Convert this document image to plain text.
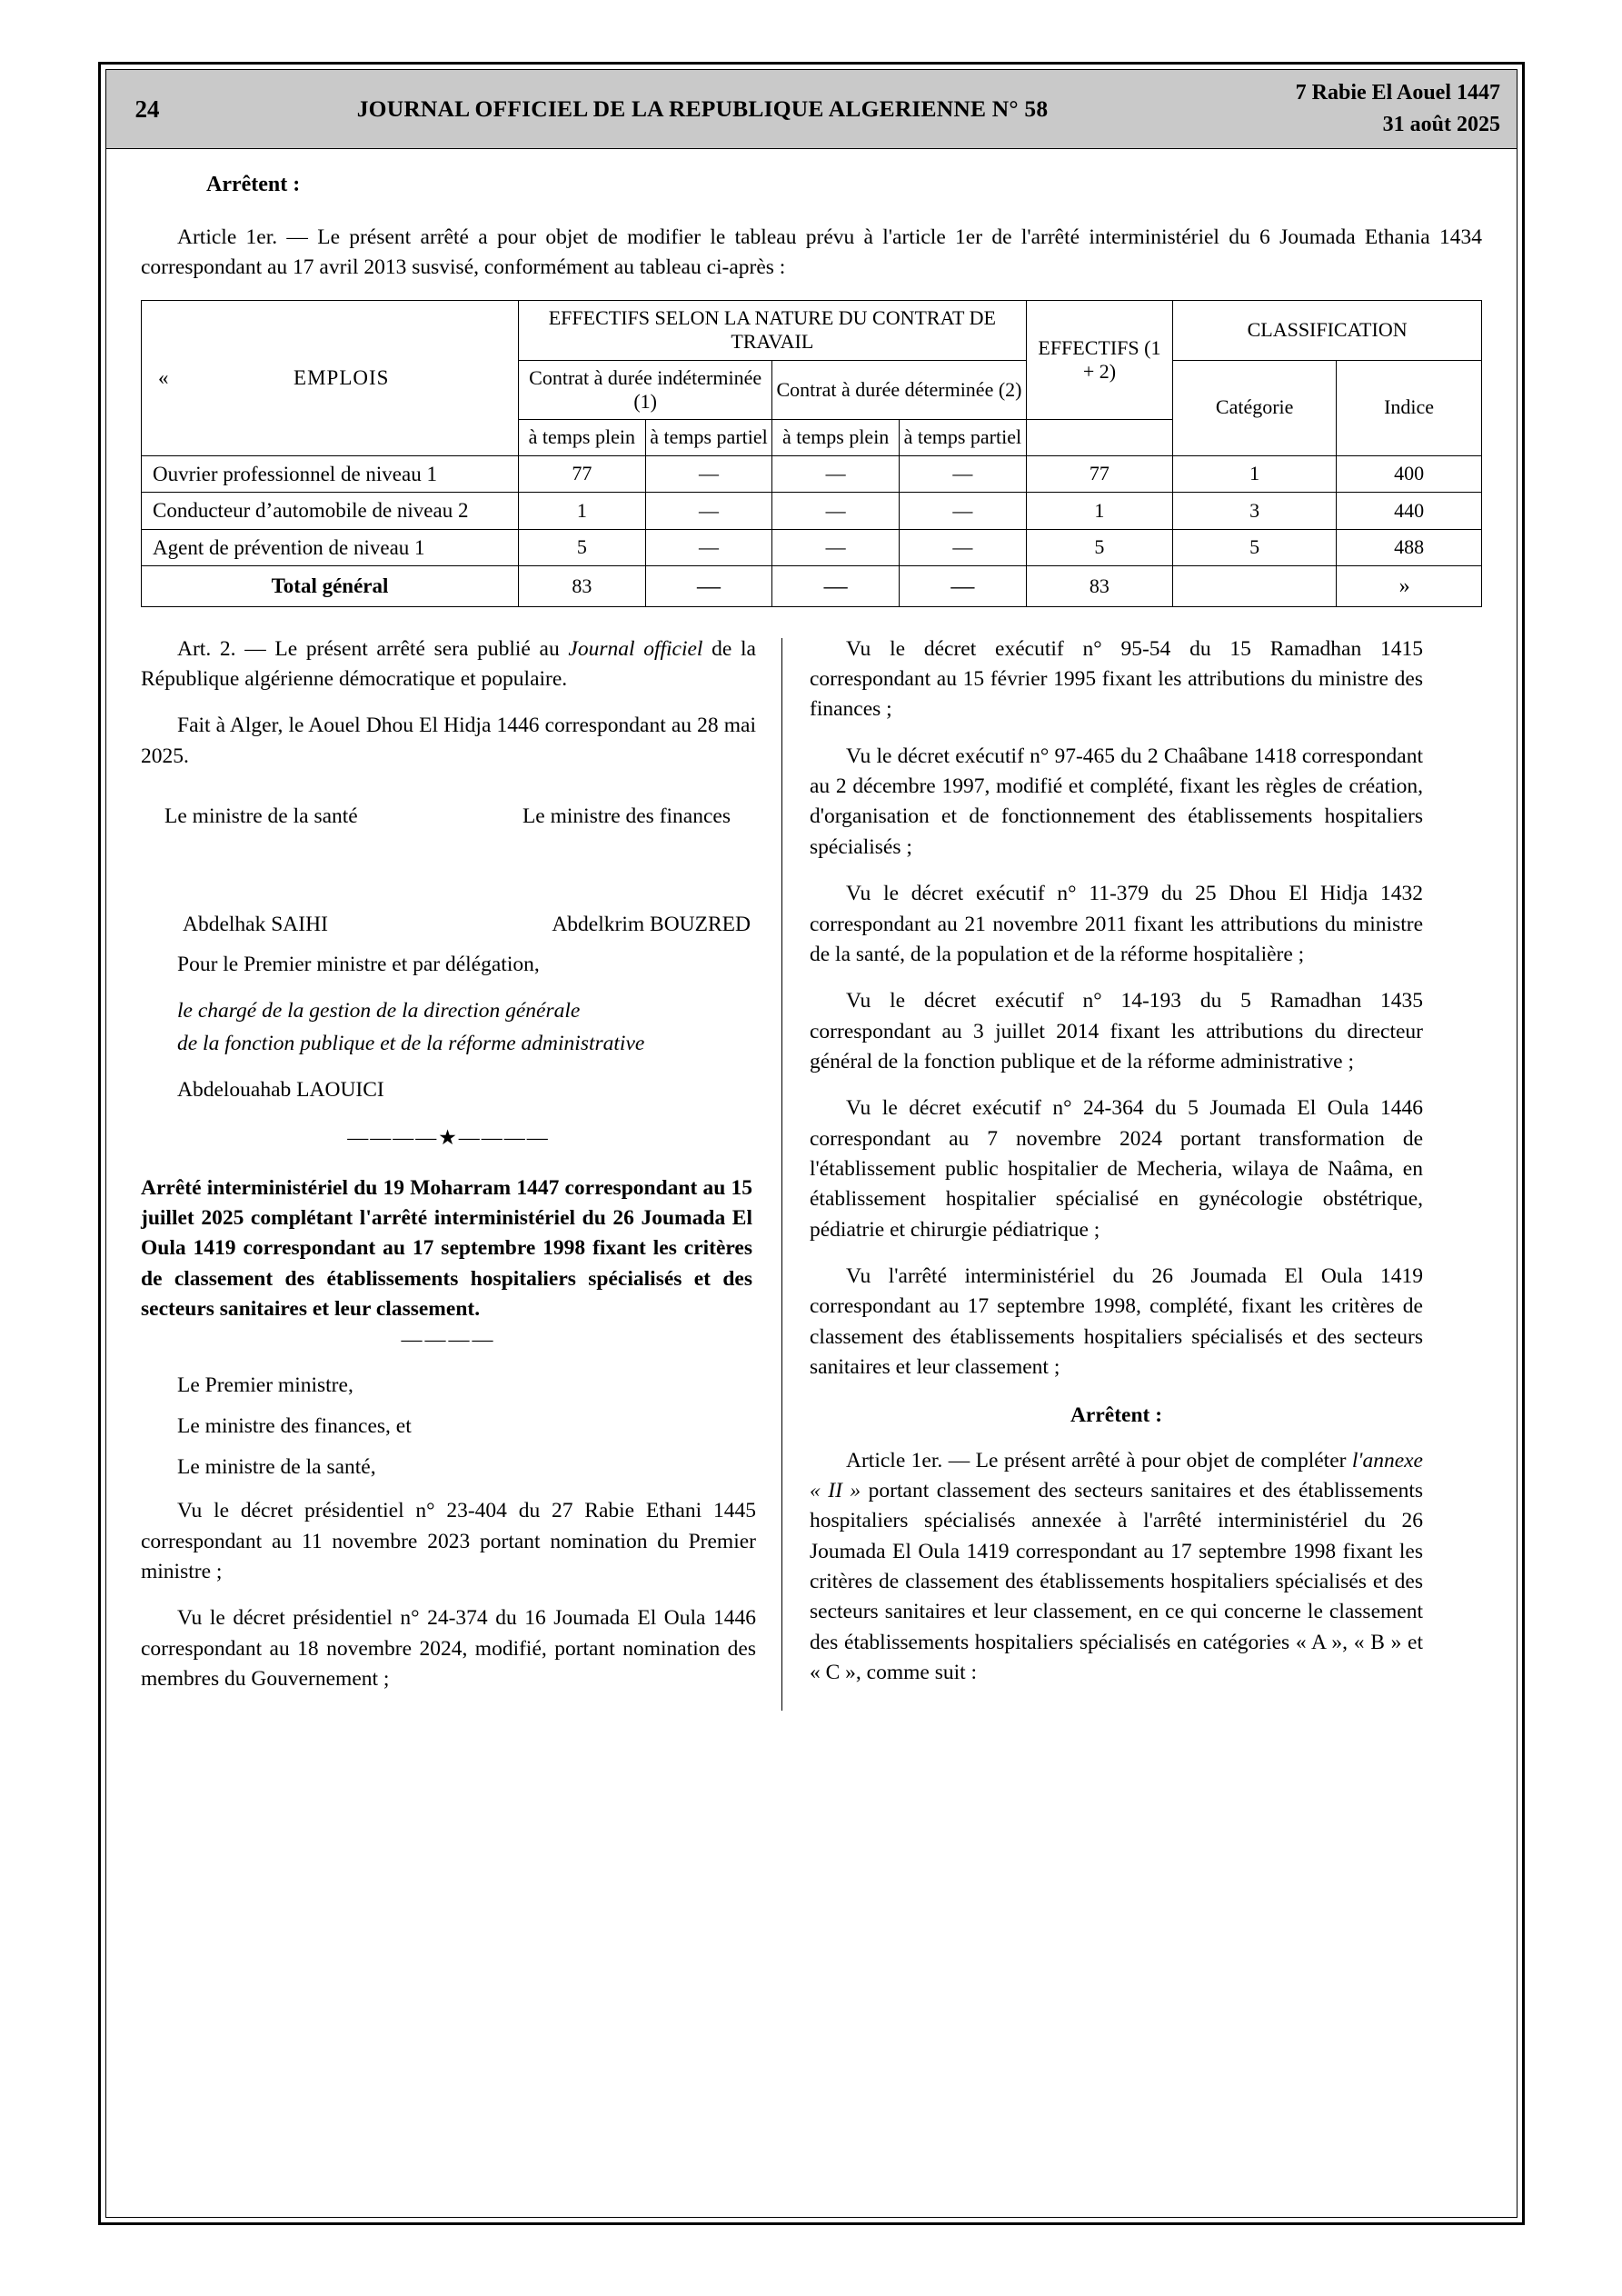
24	JOURNAL OFFICIEL DE LA REPUBLIQUE ALGERIENNE N° 58
7 Rabie El Aouel 1447
31 août 2025
Arrêtent :

Article 1er. — Le présent arrêté a pour objet de modifier le tableau prévu à l'article 1er de l'arrêté interministériel du 6 Joumada Ethania 1434 correspondant au 17 avril 2013 susvisé, conformément au tableau ci-après :

« EMPLOIS	EFFECTIFS SELON LA NATURE DU CONTRAT DE TRAVAIL				EFFECTIFS (1 + 2)	CLASSIFICATION	
	Contrat à durée indéterminée (1)		Contrat à durée déterminée (2)			Catégorie	Indice
	à temps plein	à temps partiel	à temps plein	à temps partiel		
Ouvrier professionnel de niveau 1	77	—	—	—	77	1	400
Conducteur d’automobile de niveau 2	1	—	—	—	1	3	440
Agent de prévention de niveau 1	5	—	—	—	5	5	488
Total général	83	—	—	—	83		»

Art. 2. — Le présent arrêté sera publié au Journal officiel de la République algérienne démocratique et populaire.

Fait à Alger, le Aouel Dhou El Hidja 1446 correspondant au 28 mai 2025.

Le ministre de la santé	Le ministre des finances
Abdelhak SAIHI	Abdelkrim BOUZRED

Pour le Premier ministre et par délégation,

le chargé de la gestion de la direction générale

de la fonction publique et de la réforme administrative

Abdelouahab LAOUICI

————★————
Arrêté interministériel du 19 Moharram 1447 correspondant au 15 juillet 2025 complétant l'arrêté interministériel du 26 Joumada El Oula 1419 correspondant au 17 septembre 1998 fixant les critères de classement des établissements hospitaliers spécialisés et des secteurs sanitaires et leur classement.
————

Le Premier ministre,

Le ministre des finances, et

Le ministre de la santé,

Vu le décret présidentiel n° 23-404 du 27 Rabie Ethani 1445 correspondant au 11 novembre 2023 portant nomination du Premier ministre ;

Vu le décret présidentiel n° 24-374 du 16 Joumada El Oula 1446 correspondant au 18 novembre 2024, modifié, portant nomination des membres du Gouvernement ;

Vu le décret exécutif n° 95-54 du 15 Ramadhan 1415 correspondant au 15 février 1995 fixant les attributions du ministre des finances ;

Vu le décret exécutif n° 97-465 du 2 Chaâbane 1418 correspondant au 2 décembre 1997, modifié et complété, fixant les règles de création, d'organisation et de fonctionnement des établissements hospitaliers spécialisés ;

Vu le décret exécutif n° 11-379 du 25 Dhou El Hidja 1432 correspondant au 21 novembre 2011 fixant les attributions du ministre de la santé, de la population et de la réforme hospitalière ;

Vu le décret exécutif n° 14-193 du 5 Ramadhan 1435 correspondant au 3 juillet 2014 fixant les attributions du directeur général de la fonction publique et de la réforme administrative ;

Vu le décret exécutif n° 24-364 du 5 Joumada El Oula 1446 correspondant au 7 novembre 2024 portant transformation de l'établissement public hospitalier de Mecheria, wilaya de Naâma, en établissement hospitalier spécialisé en gynécologie obstétrique, pédiatrie et chirurgie pédiatrique ;

Vu l'arrêté interministériel du 26 Joumada El Oula 1419 correspondant au 17 septembre 1998, complété, fixant les critères de classement des établissements hospitaliers spécialisés et des secteurs sanitaires et leur classement ;

Arrêtent :

Article 1er. — Le présent arrêté à pour objet de compléter l'annexe « II » portant classement des secteurs sanitaires et des établissements hospitaliers spécialisés annexée à l'arrêté interministériel du 26 Joumada El Oula 1419 correspondant au 17 septembre 1998 fixant les critères de classement des établissements hospitaliers spécialisés et des secteurs sanitaires et leur classement, en ce qui concerne le classement des établissements hospitaliers spécialisés en catégories « A », « B » et « C », comme suit :
